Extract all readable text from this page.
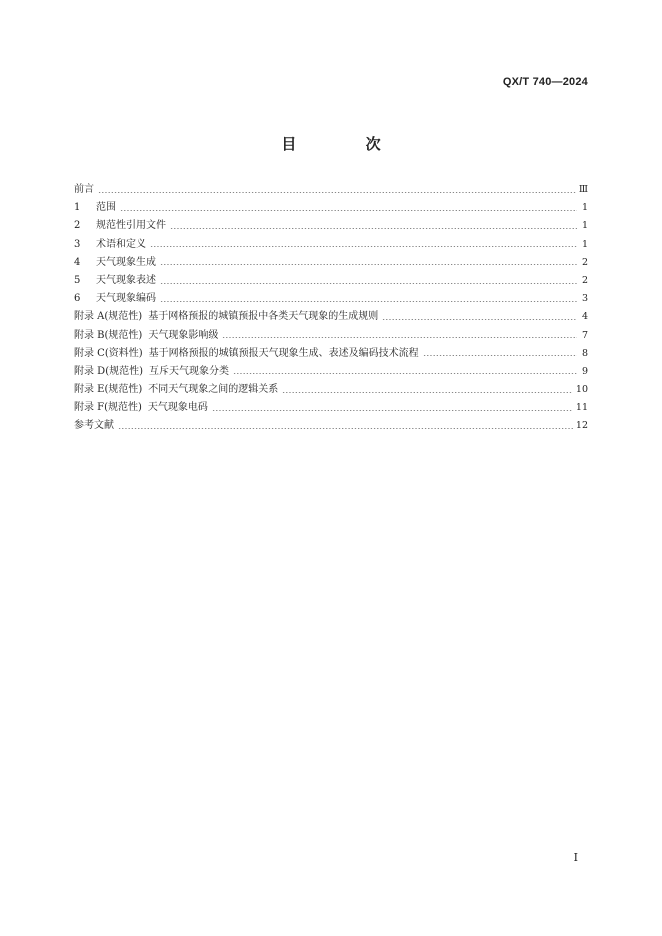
QX/T 740—2024
目 次
前言	Ⅲ
1 范围	1
2 规范性引用文件	1
3 术语和定义	1
4 天气现象生成	2
5 天气现象表述	2
6 天气现象编码	3
附录 A(规范性) 基于网格预报的城镇预报中各类天气现象的生成规则	4
附录 B(规范性) 天气现象影响级	7
附录 C(资料性) 基于网格预报的城镇预报天气现象生成、表述及编码技术流程	8
附录 D(规范性) 互斥天气现象分类	9
附录 E(规范性) 不同天气现象之间的逻辑关系	10
附录 F(规范性) 天气现象电码	11
参考文献	12
I
